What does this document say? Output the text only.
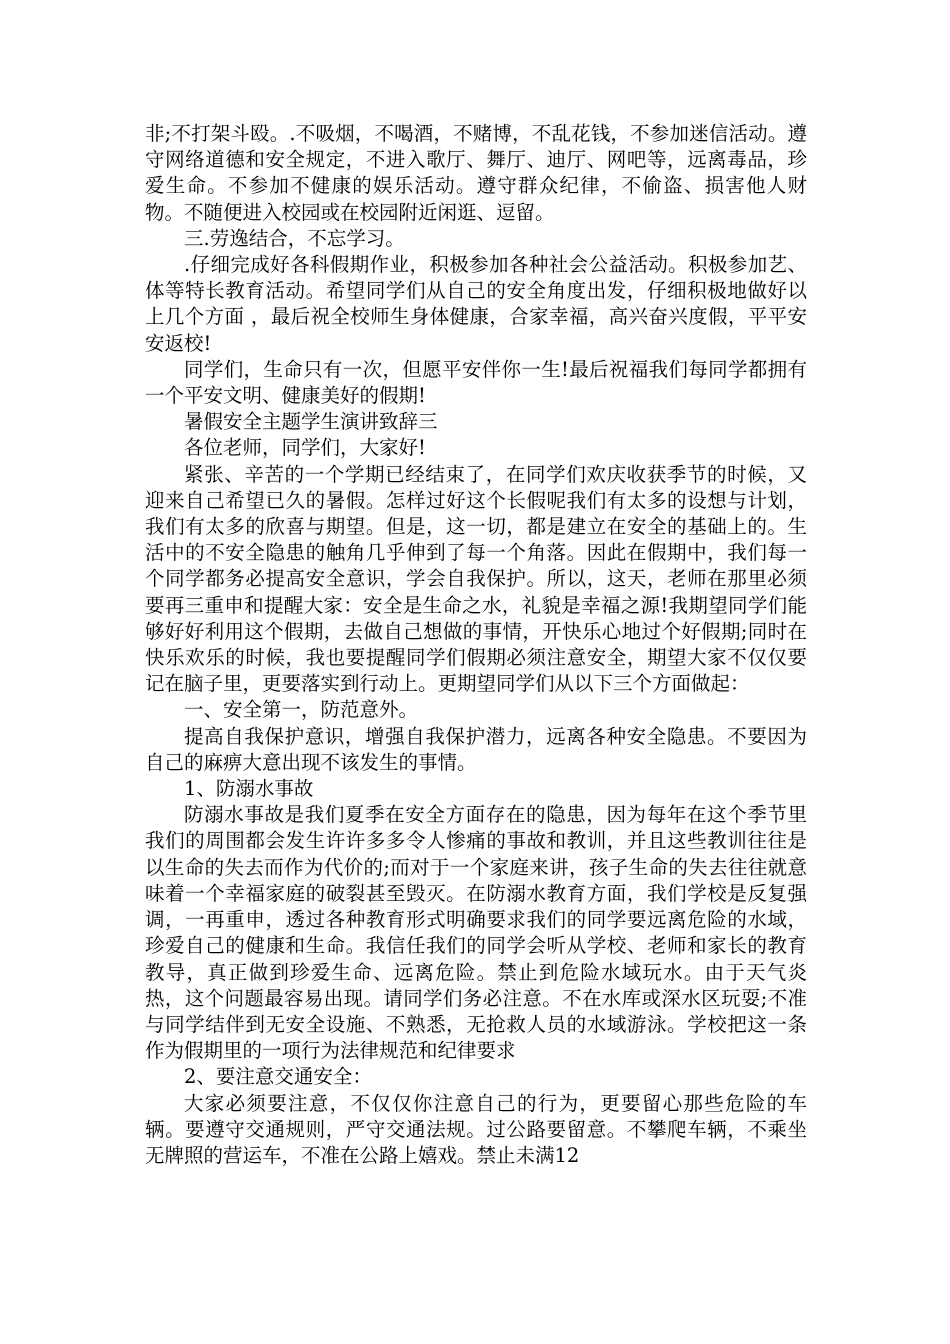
非;不打架斗殴。.不吸烟，不喝酒，不赌博，不乱花钱，不参加迷信活动。遵守网络道德和安全规定，不进入歌厅、舞厅、迪厅、网吧等，远离毒品，珍爱生命。不参加不健康的娱乐活动。遵守群众纪律，不偷盗、损害他人财物。不随便进入校园或在校园附近闲逛、逗留。

三.劳逸结合，不忘学习。

.仔细完成好各科假期作业，积极参加各种社会公益活动。积极参加艺、体等特长教育活动。希望同学们从自己的安全角度出发，仔细积极地做好以上几个方面 ，最后祝全校师生身体健康，合家幸福，高兴奋兴度假，平平安安返校!

同学们，生命只有一次，但愿平安伴你一生!最后祝福我们每同学都拥有一个平安文明、健康美好的假期!

暑假安全主题学生演讲致辞三

各位老师，同学们，大家好!

紧张、辛苦的一个学期已经结束了，在同学们欢庆收获季节的时候，又迎来自己希望已久的暑假。怎样过好这个长假呢我们有太多的设想与计划，我们有太多的欣喜与期望。但是，这一切，都是建立在安全的基础上的。生活中的不安全隐患的触角几乎伸到了每一个角落。因此在假期中，我们每一个同学都务必提高安全意识，学会自我保护。所以，这天，老师在那里必须要再三重申和提醒大家：安全是生命之水，礼貌是幸福之源!我期望同学们能够好好利用这个假期，去做自己想做的事情，开快乐心地过个好假期;同时在快乐欢乐的时候，我也要提醒同学们假期必须注意安全，期望大家不仅仅要记在脑子里，更要落实到行动上。更期望同学们从以下三个方面做起：

一、安全第一，防范意外。

提高自我保护意识，增强自我保护潜力，远离各种安全隐患。不要因为自己的麻痹大意出现不该发生的事情。

1、防溺水事故

防溺水事故是我们夏季在安全方面存在的隐患，因为每年在这个季节里我们的周围都会发生许许多多令人惨痛的事故和教训，并且这些教训往往是以生命的失去而作为代价的;而对于一个家庭来讲，孩子生命的失去往往就意味着一个幸福家庭的破裂甚至毁灭。在防溺水教育方面，我们学校是反复强调，一再重申，透过各种教育形式明确要求我们的同学要远离危险的水域，珍爱自己的健康和生命。我信任我们的同学会听从学校、老师和家长的教育教导，真正做到珍爱生命、远离危险。禁止到危险水域玩水。由于天气炎热，这个问题最容易出现。请同学们务必注意。不在水库或深水区玩耍;不准与同学结伴到无安全设施、不熟悉，无抢救人员的水域游泳。学校把这一条作为假期里的一项行为法律规范和纪律要求

2、要注意交通安全：

大家必须要注意，不仅仅你注意自己的行为，更要留心那些危险的车辆。要遵守交通规则，严守交通法规。过公路要留意。不攀爬车辆，不乘坐无牌照的营运车，不准在公路上嬉戏。禁止未满12
